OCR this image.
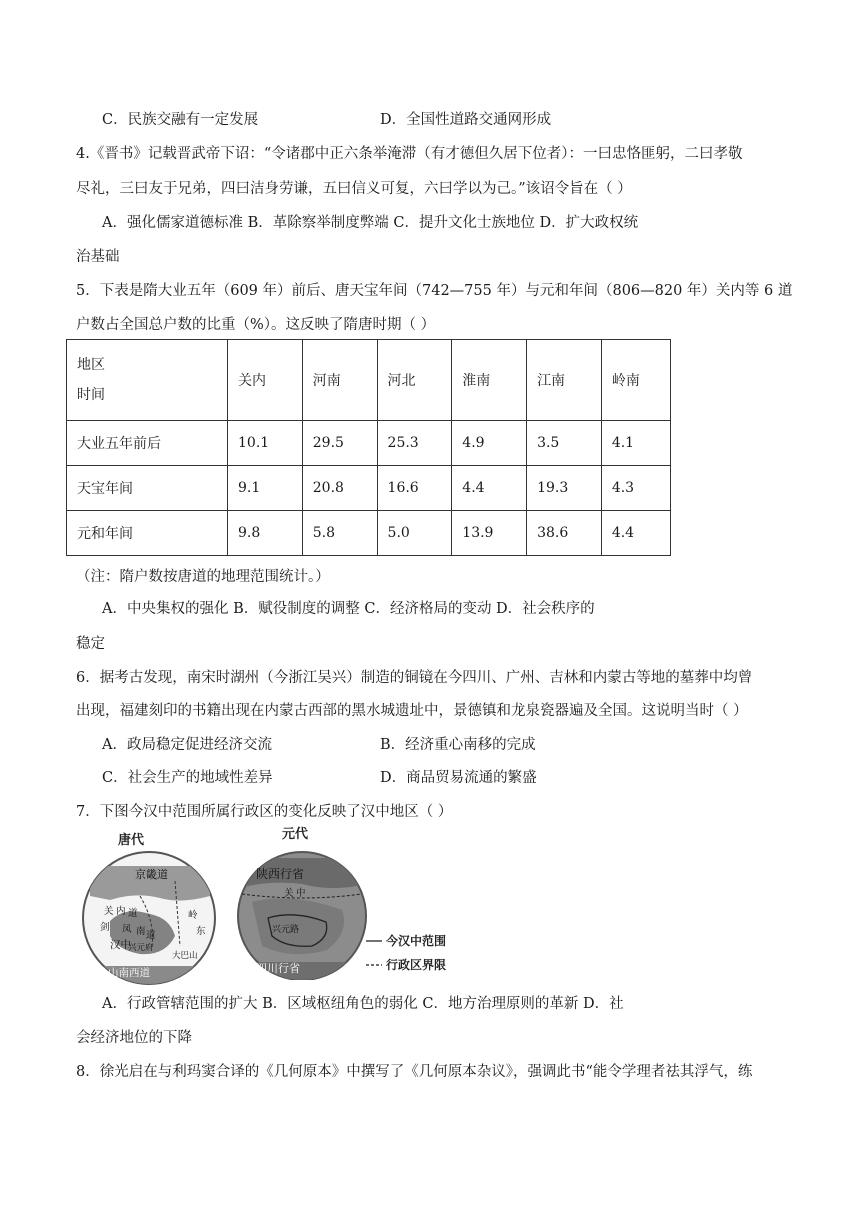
C．民族交融有一定发展	D．全国性道路交通网形成
4.《晋书》记载晋武帝下诏：“令诸郡中正六条举淹滞（有才德但久居下位者）：一曰忠恪匪躬，二曰孝敬
尽礼，三曰友于兄弟，四曰洁身劳谦，五曰信义可复，六曰学以为己。”该诏令旨在（ ）
A．强化儒家道德标准 B．革除察举制度弊端 C．提升文化士族地位 D．扩大政权统
治基础
5．下表是隋大业五年（609 年）前后、唐天宝年间（742—755 年）与元和年间（806—820 年）关内等 6 道
户数占全国总户数的比重（%）。这反映了隋唐时期（ ）
地区
时间	关内	河南	河北	淮南	江南	岭南
大业五年前后	10.1	29.5	25.3	4.9	3.5	4.1
天宝年间	9.1	20.8	16.6	4.4	19.3	4.3
元和年间	9.8	5.8	5.0	13.9	38.6	4.4
（注：隋户数按唐道的地理范围统计。）
A．中央集权的强化 B．赋役制度的调整 C．经济格局的变动 D．社会秩序的
稳定
6．据考古发现，南宋时湖州（今浙江吴兴）制造的铜镜在今四川、广州、吉林和内蒙古等地的墓葬中均曾
出现，福建刻印的书籍出现在内蒙古西部的黑水城遗址中，景德镇和龙泉瓷器遍及全国。这说明当时（ ）
A．政局稳定促进经济交流	B．经济重心南移的完成
C．社会生产的地域性差异	D．商品贸易流通的繁盛
7．下图今汉中范围所属行政区的变化反映了汉中地区（ ）
唐代
京畿道
关 内 道	岭
东
南 道
汉中
剑 凤
兴元府
大巴山
山南西道
元代
陕西行省
关 中
兴元路
四川行省
今汉中范围
行政区界限
A．行政管辖范围的扩大 B．区域枢纽角色的弱化 C．地方治理原则的革新 D．社
会经济地位的下降
8．徐光启在与利玛窦合译的《几何原本》中撰写了《几何原本杂议》，强调此书“能令学理者祛其浮气，练
